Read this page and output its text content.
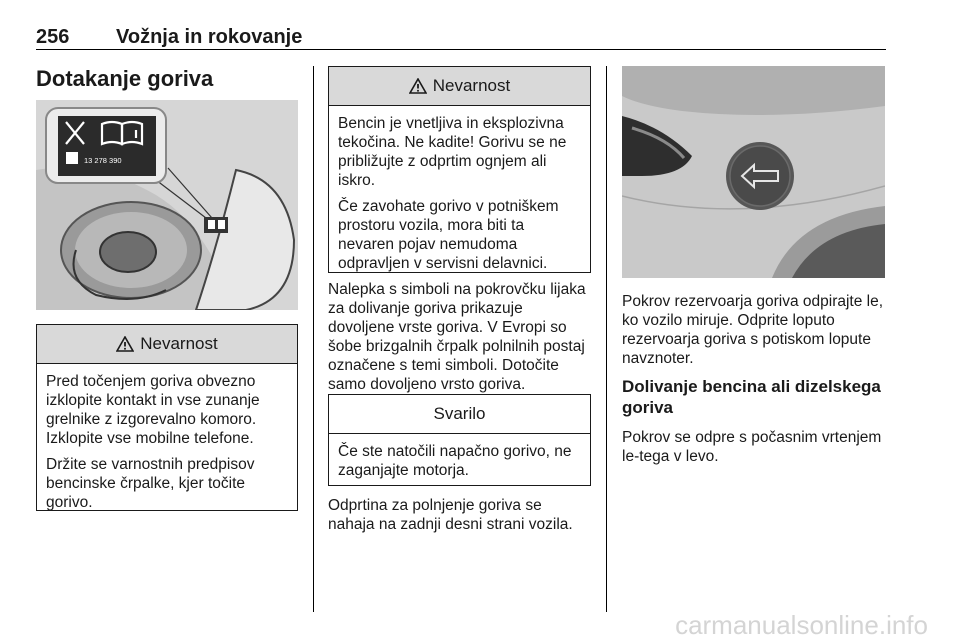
256 Vožnja in rokovanje
Dotakanje goriva
13 278 390
Nevarnost

Pred točenjem goriva obvezno izklopite kontakt in vse zunanje grelnike z izgorevalno komoro. Izklopite vse mobilne telefone.

Držite se varnostnih predpisov bencinske črpalke, kjer točite gorivo.

Nevarnost

Bencin je vnetljiva in eksplozivna tekočina. Ne kadite! Gorivu se ne približujte z odprtim ognjem ali iskro.

Če zavohate gorivo v potniškem prostoru vozila, mora biti ta nevaren pojav nemudoma odpravljen v servisni delavnici.

Nalepka s simboli na pokrovčku lijaka za dolivanje goriva prikazuje dovoljene vrste goriva. V Evropi so šobe brizgalnih črpalk polnilnih postaj označene s temi simboli. Dotočite samo dovoljeno vrsto goriva.

Svarilo

Če ste natočili napačno gorivo, ne zaganjajte motorja.

Odprtina za polnjenje goriva se nahaja na zadnji desni strani vozila.

Pokrov rezervoarja goriva odpirajte le, ko vozilo miruje. Odprite loputo rezervoarja goriva s potiskom lopute navznoter.

Dolivanje bencina ali dizelskega goriva

Pokrov se odpre s počasnim vrtenjem le-tega v levo.

carmanualsonline.info
